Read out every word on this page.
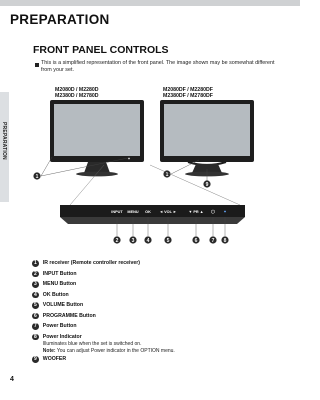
PREPARATION
PREPARATION
FRONT PANEL CONTROLS
This is a simplified representation of the front panel. The image shown may be somewhat different from your set.
M2080D / M2280D
M2380D / M2780D
M2080DF / M2280DF
M2380DF / M2780DF
1	1
9
INPUT MENU OK ◄ VOL ►	▼ PR ▲ ⏻
2	3 4	5	6	7 8
1	IR receiver (Remote controller receiver)
2	INPUT Button
3	MENU Button
4	OK Button
5	VOLUME Button
6	PROGRAMME Button
7	Power Button
8	Power Indicator
Illuminates blue when the set is switched on.
Note: You can adjust Power indicator in the OPTION menu.
9	WOOFER
4
